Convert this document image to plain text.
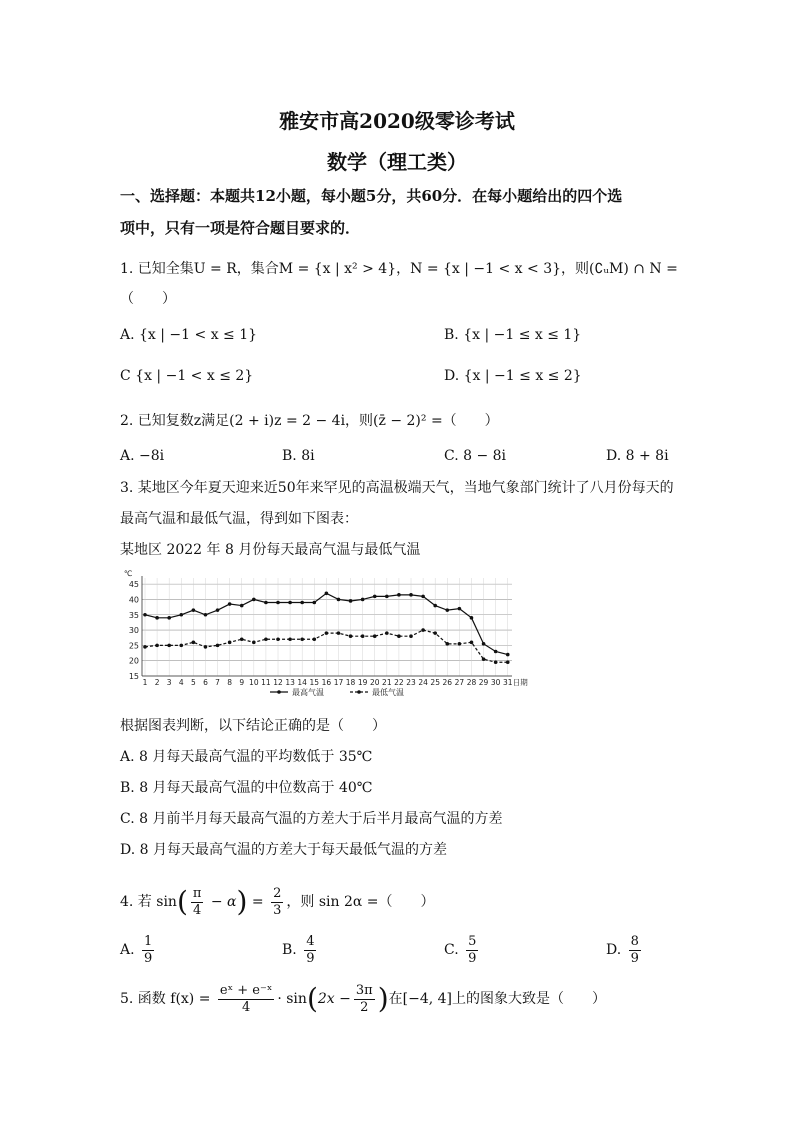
雅安市高2020级零诊考试
数学（理工类）
一、选择题：本题共12小题，每小题5分，共60分．在每小题给出的四个选
项中，只有一项是符合题目要求的．
1. 已知全集U = R，集合M = {x | x² > 4}，N = {x | −1 < x < 3}，则(∁ᵤM) ∩ N =
（　　）
A. {x | −1 < x ≤ 1}	B. {x | −1 ≤ x ≤ 1}
C {x | −1 < x ≤ 2}	D. {x | −1 ≤ x ≤ 2}
2. 已知复数z满足(2 + i)z = 2 − 4i，则(z̄ − 2)² =（　　）
A. −8i	B. 8i	C. 8 − 8i	D. 8 + 8i
3. 某地区今年夏天迎来近50年来罕见的高温极端天气，当地气象部门统计了八月份每天的
最高气温和最低气温，得到如下图表：
某地区 2022 年 8 月份每天最高气温与最低气温
15
20
25
30
35
40
45
1 2 3 4 5 6 7 8 9 10 11 12 13 14 15 16 17 18 19 20 21 22 23 24 25 26 27 28 29 30 31 日期
℃
最高气温	最低气温
根据图表判断，以下结论正确的是（　　）
A. 8 月每天最高气温的平均数低于 35℃
B. 8 月每天最高气温的中位数高于 40℃
C. 8 月前半月每天最高气温的方差大于后半月最高气温的方差
D. 8 月每天最高气温的方差大于每天最低气温的方差
4. 若 $\sin( \frac{\pi}{4} - \alpha) = \frac{2}{3}$ ，则 sin 2α =（　　）
A. $\frac{1}{9}$	B. $\frac{4}{9}$	C. $\frac{5}{9}$	D. $\frac{8}{9}$
5. 函数 $f(x) = \frac{\text{eˣ + e⁻ˣ}}{4} \cdot \sin(2x - \frac{3\pi}{2}$ )在[−4, 4]上的图象大致是（　　）
